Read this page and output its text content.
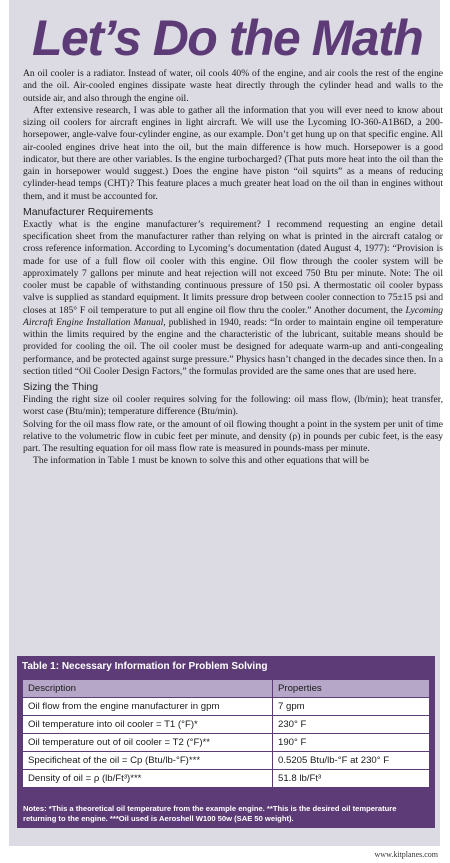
Let’s Do the Math

An oil cooler is a radiator. Instead of water, oil cools 40% of the engine, and air cools the rest of the engine and the oil. Air-cooled engines dissipate waste heat directly through the cylinder head and walls to the outside air, and also through the engine oil.

After extensive research, I was able to gather all the information that you will ever need to know about sizing oil coolers for aircraft engines in light aircraft. We will use the Lycoming IO-360-A1B6D, a 200-horsepower, angle-valve four-cylinder engine, as our example. Don’t get hung up on that specific engine. All air-cooled engines drive heat into the oil, but the main difference is how much. Horsepower is a good indicator, but there are other variables. Is the engine turbocharged? (That puts more heat into the oil than the gain in horsepower would suggest.) Does the engine have piston “oil squirts” as a means of reducing cylinder-head temps (CHT)? This feature places a much greater heat load on the oil than in engines without them, and it must be accounted for.

Manufacturer Requirements

Exactly what is the engine manufacturer’s requirement? I recommend requesting an engine detail specification sheet from the manufacturer rather than relying on what is printed in the aircraft catalog or cross reference information. According to Lycoming’s documentation (dated August 4, 1977): “Provision is made for use of a full flow oil cooler with this engine. Oil flow through the cooler system will be approximately 7 gallons per minute and heat rejection will not exceed 750 Btu per minute. Note: The oil cooler must be capable of withstanding continuous pressure of 150 psi. A thermostatic oil cooler bypass valve is supplied as standard equipment. It limits pressure drop between cooler connection to 75±15 psi and closes at 185° F oil temperature to put all engine oil flow thru the cooler.” Another document, the Lycoming Aircraft Engine Installation Manual, published in 1940, reads: “In order to maintain engine oil temperature within the limits required by the engine and the characteristic of the lubricant, suitable means should be provided for cooling the oil. The oil cooler must be designed for adequate warm-up and anti-congealing performance, and be protected against surge pressure.” Physics hasn’t changed in the decades since then. In a section titled “Oil Cooler Design Factors,” the formulas provided are the same ones that are used here.

Sizing the Thing

Finding the right size oil cooler requires solving for the following: oil mass flow, (lb/min); heat transfer, worst case (Btu/min); temperature difference (Btu/min).

Solving for the oil mass flow rate, or the amount of oil flowing thought a point in the system per unit of time relative to the volumetric flow in cubic feet per minute, and density (ρ) in pounds per cubic feet, is the easy part. The resulting equation for oil mass flow rate is measured in pounds-mass per minute.

The information in Table 1 must be known to solve this and other equations that will be

Table 1: Necessary Information for Problem Solving
Description	Properties
Oil flow from the engine manufacturer in gpm	7 gpm
Oil temperature into oil cooler = T1 (°F)*	230° F
Oil temperature out of oil cooler = T2 (°F)**	190° F
Specificheat of the oil = Cp (Btu/lb-°F)***	0.5205 Btu/lb-°F at 230° F
Density of oil = ρ (lb/Ft³)***	51.8 lb/Ft³
Notes: *This a theoretical oil temperature from the example engine. **This is the desired oil temperature returning to the engine. ***Oil used is Aeroshell W100 50w (SAE 50 weight).
www.kitplanes.com
